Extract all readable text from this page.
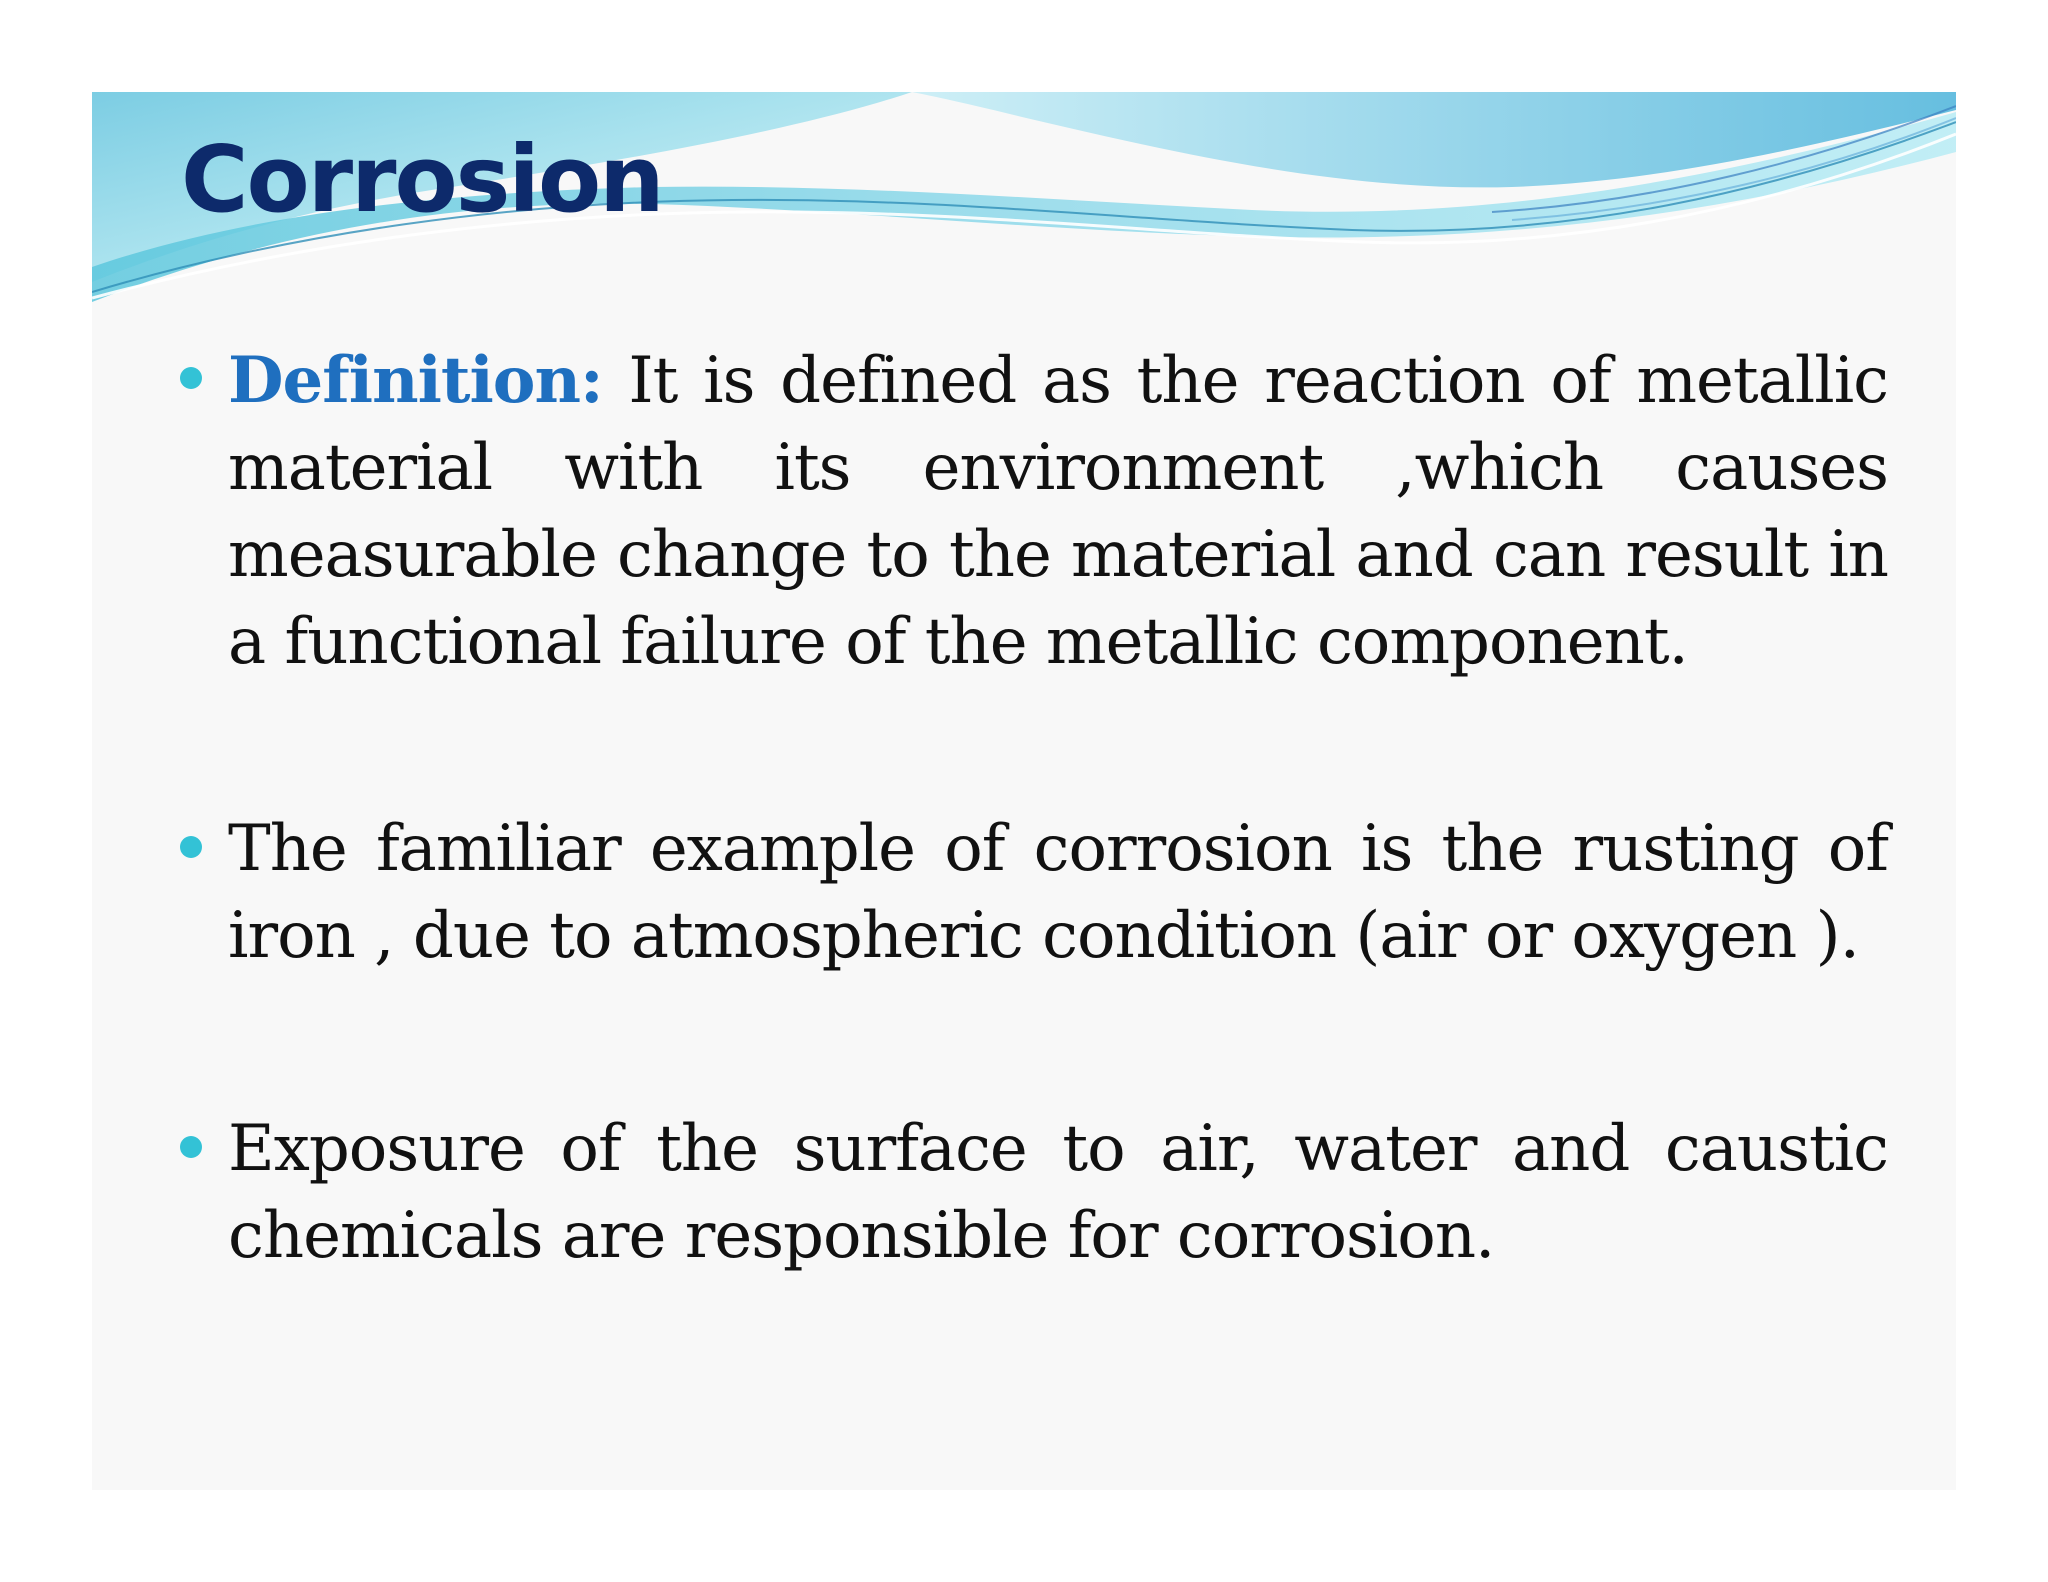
Corrosion
Definition: It is defined as the reaction of metallic material with its environment ,which causes measurable change to the material and can result in a functional failure of the metallic component.
The familiar example of corrosion is the rusting of iron , due to atmospheric condition (air or oxygen ).
Exposure of the surface to air, water and caustic chemicals are responsible for corrosion.
